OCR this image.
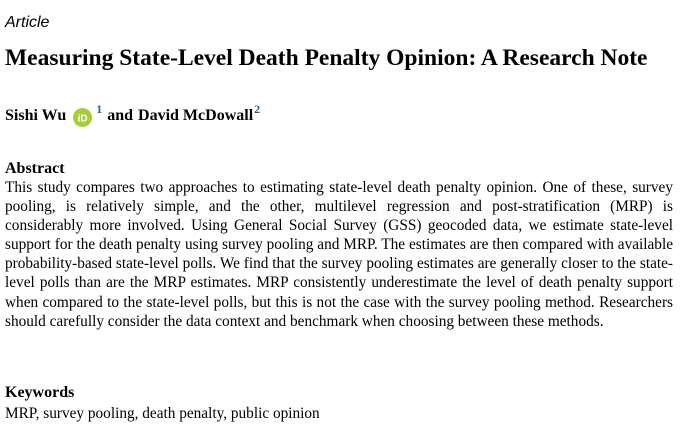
Article
Measuring State-Level Death Penalty Opinion: A Research Note
Sishi Wu iD
1 and David McDowall 2
Abstract

This study compares two approaches to estimating state-level death penalty opinion. One of these, survey pooling, is relatively simple, and the other, multilevel regression and post-stratification (MRP) is considerably more involved. Using General Social Survey (GSS) geocoded data, we estimate state-level support for the death penalty using survey pooling and MRP. The estimates are then compared with available probability-based state-level polls. We find that the survey pooling estimates are generally closer to the state-level polls than are the MRP estimates. MRP consistently underestimate the level of death penalty support when compared to the state-level polls, but this is not the case with the survey pooling method. Researchers should carefully consider the data context and benchmark when choosing between these methods.

Keywords
MRP, survey pooling, death penalty, public opinion
